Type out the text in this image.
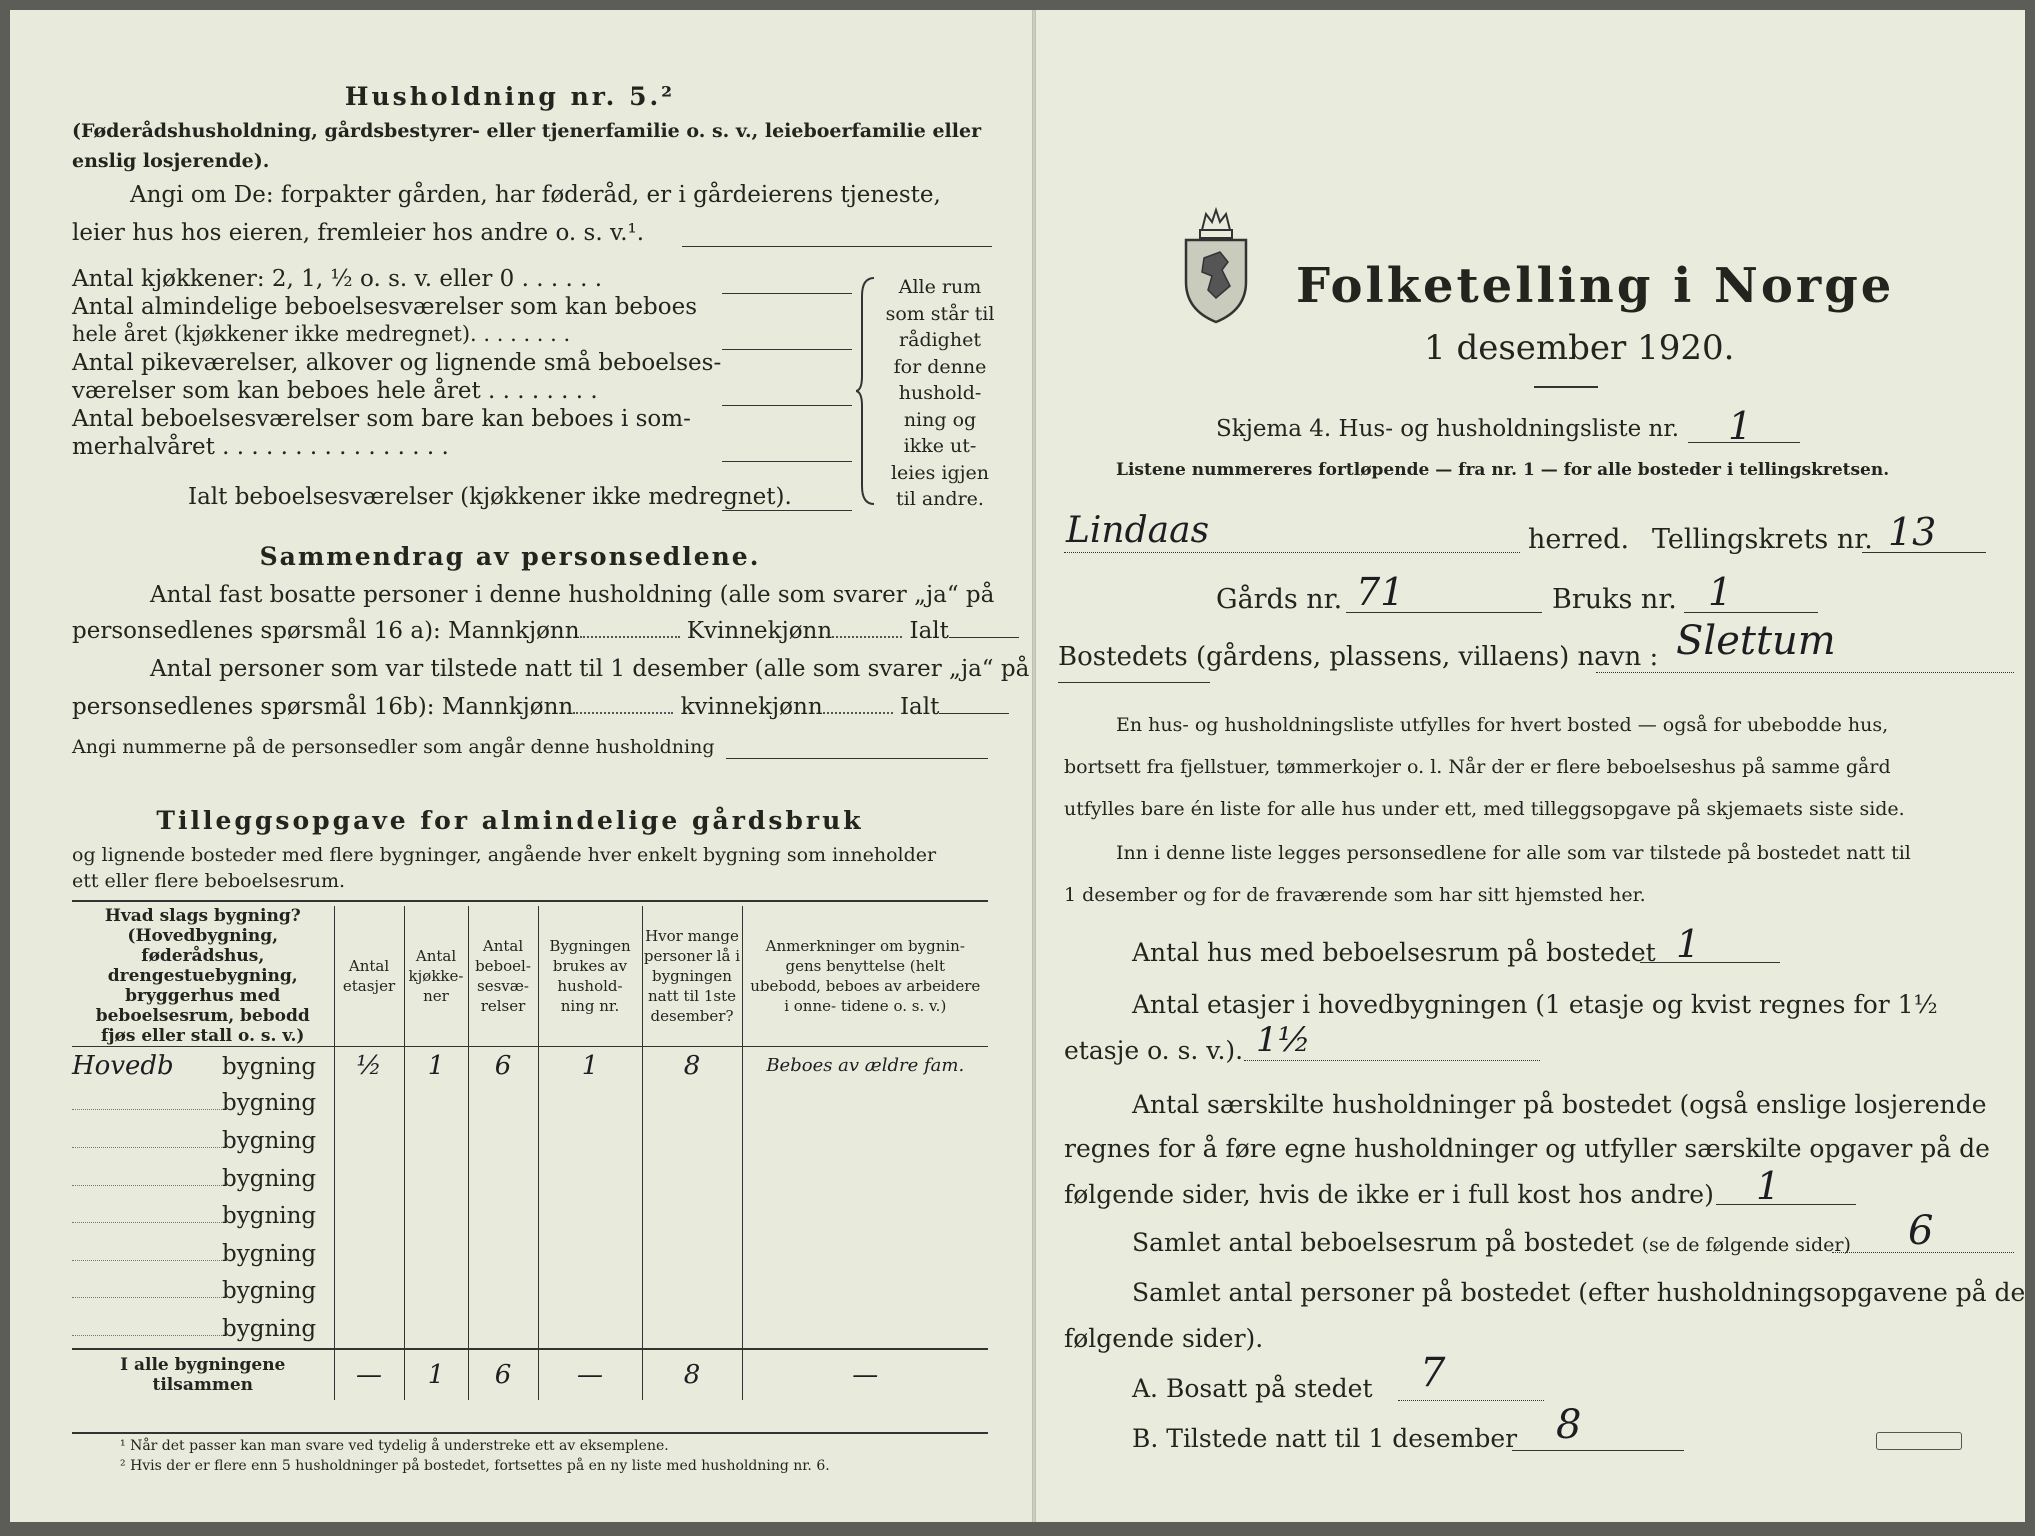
Husholdning nr. 5.²
(Føderådshusholdning, gårdsbestyrer- eller tjenerfamilie o. s. v., leieboerfamilie eller
enslig losjerende).
Angi om De: forpakter gården, har føderåd, er i gårdeierens tjeneste,
leier hus hos eieren, fremleier hos andre o. s. v.¹.
Antal kjøkkener: 2, 1, ½ o. s. v. eller 0 . . . . . .
Antal almindelige beboelsesværelser som kan beboes
hele året (kjøkkener ikke medregnet). . . . . . . .
Antal pikeværelser, alkover og lignende små beboelses-
værelser som kan beboes hele året . . . . . . . .
Antal beboelsesværelser som bare kan beboes i som-
merhalvåret . . . . . . . . . . . . . . . .
Ialt beboelsesværelser (kjøkkener ikke medregnet).
Alle rum
som står til
rådighet
for denne
hushold-
ning og
ikke ut-
leies igjen
til andre.
Sammendrag av personsedlene.
Antal fast bosatte personer i denne husholdning (alle som svarer „ja“ på
personsedlenes spørsmål 16 a): Mannkjønn	Kvinnekjønn	Ialt
Antal personer som var tilstede natt til 1 desember (alle som svarer „ja“ på
personsedlenes spørsmål 16b): Mannkjønn	kvinnekjønn	Ialt
Angi nummerne på de personsedler som angår denne husholdning
Tilleggsopgave for almindelige gårdsbruk
og lignende bosteder med flere bygninger, angående hver enkelt bygning som inneholder
ett eller flere beboelsesrum.
Hvad slags bygning? (Hovedbygning, føderådshus, drengestuebygning, bryggerhus med beboelsesrum, bebodd fjøs eller stall o. s. v.)	Antal etasjer	Antal kjøkke- ner	Antal beboel- sesvæ- relser	Bygningen brukes av hushold- ning nr.	Hvor mange personer lå i bygningen natt til 1ste desember?	Anmerkninger om bygnin- gens benyttelse (helt ubebodd, beboes av arbeidere i onne- tidene o. s. v.)
Hovedb bygning	½	1	6	1	8	Beboes av ældre fam.
bygning						
bygning						
bygning						
bygning						
bygning						
bygning						
bygning						
I alle bygningene tilsammen	—	1	6	—	8	—
¹ Når det passer kan man svare ved tydelig å understreke ett av eksemplene.
² Hvis der er flere enn 5 husholdninger på bostedet, fortsettes på en ny liste med husholdning nr. 6.
Folketelling i Norge
1 desember 1920.
Skjema 4. Hus- og husholdningsliste nr. 1
Listene nummereres fortløpende — fra nr. 1 — for alle bosteder i tellingskretsen.
Lindaas	herred. Tellingskrets nr. 13
Gårds nr. 71	Bruks nr. 1
Bostedets (gårdens, plassens, villaens) navn : Slettum
En hus- og husholdningsliste utfylles for hvert bosted — også for ubebodde hus,
bortsett fra fjellstuer, tømmerkojer o. l. Når der er flere beboelseshus på samme gård
utfylles bare én liste for alle hus under ett, med tilleggsopgave på skjemaets siste side.
Inn i denne liste legges personsedlene for alle som var tilstede på bostedet natt til
1 desember og for de fraværende som har sitt hjemsted her.
Antal hus med beboelsesrum på bostedet 1
Antal etasjer i hovedbygningen (1 etasje og kvist regnes for 1½
etasje o. s. v.). 1½
Antal særskilte husholdninger på bostedet (også enslige losjerende
regnes for å føre egne husholdninger og utfyller særskilte opgaver på de
følgende sider, hvis de ikke er i full kost hos andre) 1
Samlet antal beboelsesrum på bostedet (se de følgende sider) 6
Samlet antal personer på bostedet (efter husholdningsopgavene på de
følgende sider).
A. Bosatt på stedet 7
B. Tilstede natt til 1 desember 8
